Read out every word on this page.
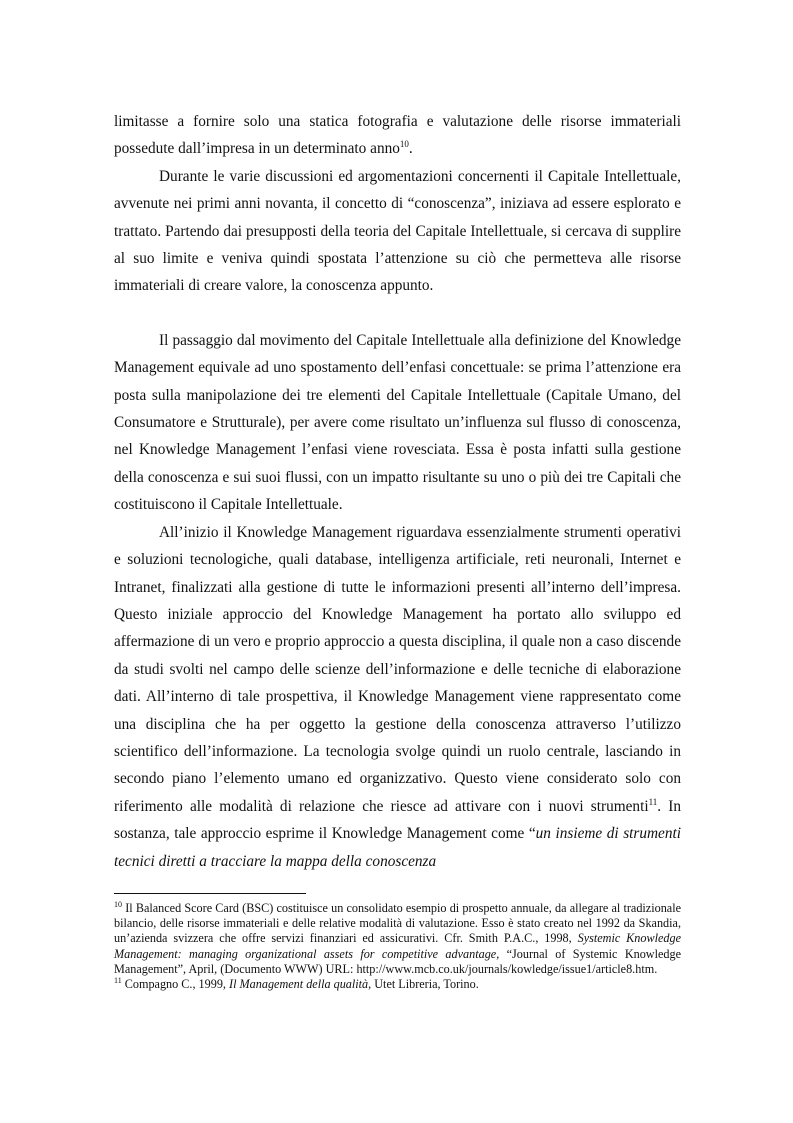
limitasse a fornire solo una statica fotografia e valutazione delle risorse immateriali possedute dall’impresa in un determinato anno$^{10}$.

Durante le varie discussioni ed argomentazioni concernenti il Capitale Intellettuale, avvenute nei primi anni novanta, il concetto di “conoscenza”, iniziava ad essere esplorato e trattato. Partendo dai presupposti della teoria del Capitale Intellettuale, si cercava di supplire al suo limite e veniva quindi spostata l’attenzione su ciò che permetteva alle risorse immateriali di creare valore, la conoscenza appunto.

Il passaggio dal movimento del Capitale Intellettuale alla definizione del Knowledge Management equivale ad uno spostamento dell’enfasi concettuale: se prima l’attenzione era posta sulla manipolazione dei tre elementi del Capitale Intellettuale (Capitale Umano, del Consumatore e Strutturale), per avere come risultato un’influenza sul flusso di conoscenza, nel Knowledge Management l’enfasi viene rovesciata. Essa è posta infatti sulla gestione della conoscenza e sui suoi flussi, con un impatto risultante su uno o più dei tre Capitali che costituiscono il Capitale Intellettuale.

All’inizio il Knowledge Management riguardava essenzialmente strumenti operativi e soluzioni tecnologiche, quali database, intelligenza artificiale, reti neuronali, Internet e Intranet, finalizzati alla gestione di tutte le informazioni presenti all’interno dell’impresa. Questo iniziale approccio del Knowledge Management ha portato allo sviluppo ed affermazione di un vero e proprio approccio a questa disciplina, il quale non a caso discende da studi svolti nel campo delle scienze dell’informazione e delle tecniche di elaborazione dati. All’interno di tale prospettiva, il Knowledge Management viene rappresentato come una disciplina che ha per oggetto la gestione della conoscenza attraverso l’utilizzo scientifico dell’informazione. La tecnologia svolge quindi un ruolo centrale, lasciando in secondo piano l’elemento umano ed organizzativo. Questo viene considerato solo con riferimento alle modalità di relazione che riesce ad attivare con i nuovi strumenti$^{11}$. In sostanza, tale approccio esprime il Knowledge Management come “un insieme di strumenti tecnici diretti a tracciare la mappa della conoscenza

$^{10}$ Il Balanced Score Card (BSC) costituisce un consolidato esempio di prospetto annuale, da allegare al tradizionale bilancio, delle risorse immateriali e delle relative modalità di valutazione. Esso è stato creato nel 1992 da Skandia, un’azienda svizzera che offre servizi finanziari ed assicurativi. Cfr. Smith P.A.C., 1998, Systemic Knowledge Management: managing organizational assets for competitive advantage, “Journal of Systemic Knowledge Management”, April, (Documento WWW) URL: http://www.mcb.co.uk/journals/kowledge/issue1/article8.htm.

$^{11}$ Compagno C., 1999, Il Management della qualità, Utet Libreria, Torino.
